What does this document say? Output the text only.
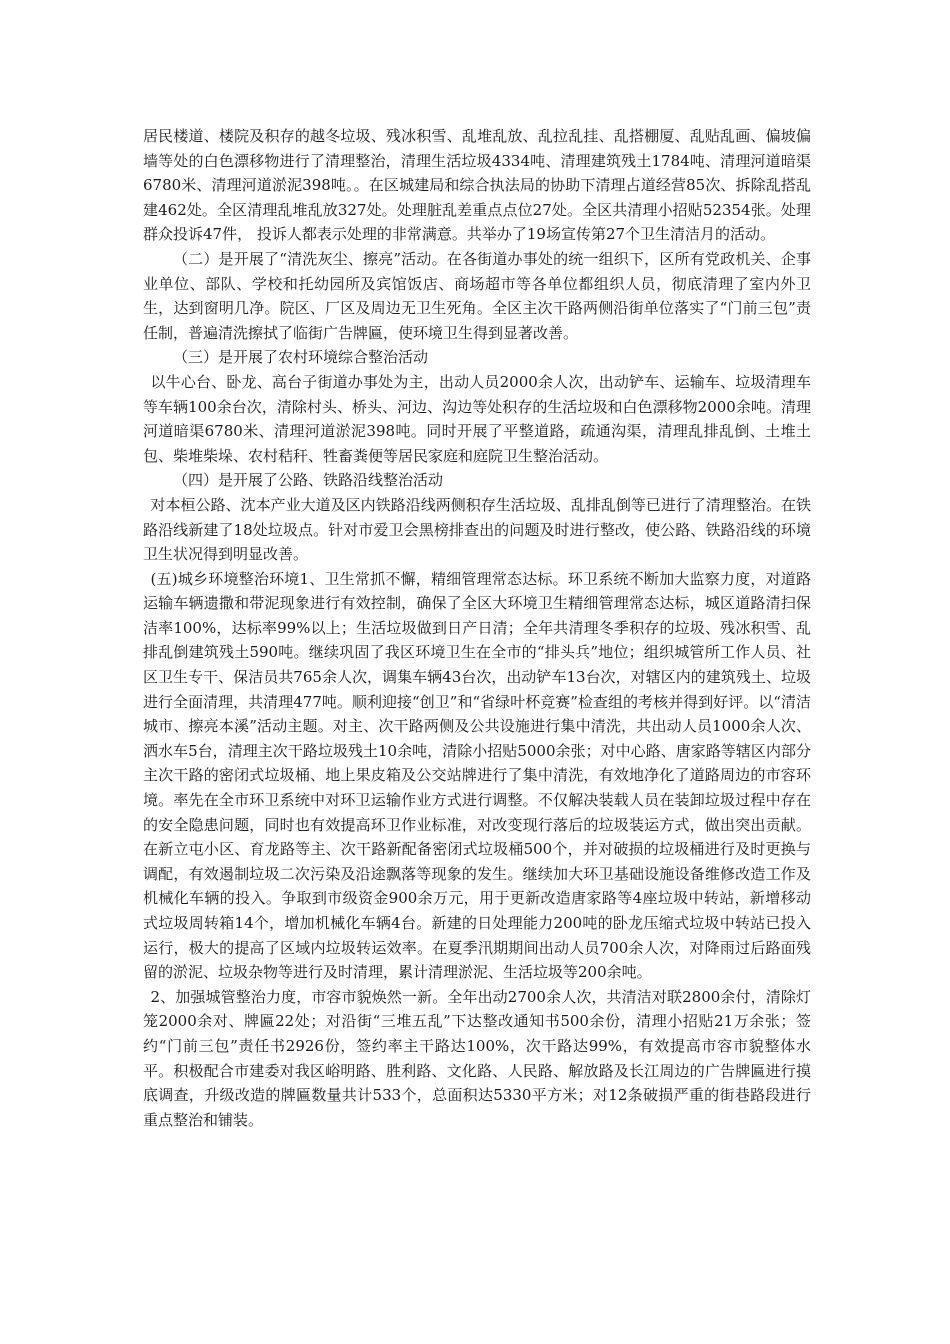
居民楼道、楼院及积存的越冬垃圾、残冰积雪、乱堆乱放、乱拉乱挂、乱搭棚厦、乱贴乱画、偏坡偏墙等处的白色漂移物进行了清理整治，清理生活垃圾4334吨、清理建筑残土1784吨、清理河道暗渠6780米、清理河道淤泥398吨。。在区城建局和综合执法局的协助下清理占道经营85次、拆除乱搭乱建462处。全区清理乱堆乱放327处。处理脏乱差重点点位27处。全区共清理小招贴52354张。处理群众投诉47件， 投诉人都表示处理的非常满意。共举办了19场宣传第27个卫生清洁月的活动。

（二）是开展了“清洗灰尘、擦亮”活动。在各街道办事处的统一组织下，区所有党政机关、企事业单位、部队、学校和托幼园所及宾馆饭店、商场超市等各单位都组织人员，彻底清理了室内外卫生，达到窗明几净。院区、厂区及周边无卫生死角。全区主次干路两侧沿街单位落实了“门前三包”责任制，普遍清洗擦拭了临街广告牌匾，使环境卫生得到显著改善。

（三）是开展了农村环境综合整治活动

以牛心台、卧龙、高台子街道办事处为主，出动人员2000余人次，出动铲车、运输车、垃圾清理车等车辆100余台次，清除村头、桥头、河边、沟边等处积存的生活垃圾和白色漂移物2000余吨。清理河道暗渠6780米、清理河道淤泥398吨。同时开展了平整道路，疏通沟渠，清理乱排乱倒、土堆土包、柴堆柴垛、农村秸秆、牲畜粪便等居民家庭和庭院卫生整治活动。

（四）是开展了公路、铁路沿线整治活动

对本桓公路、沈本产业大道及区内铁路沿线两侧积存生活垃圾、乱排乱倒等已进行了清理整治。在铁路沿线新建了18处垃圾点。针对市爱卫会黑榜排查出的问题及时进行整改，使公路、铁路沿线的环境卫生状况得到明显改善。

(五)城乡环境整治环境1、卫生常抓不懈，精细管理常态达标。环卫系统不断加大监察力度，对道路运输车辆遗撒和带泥现象进行有效控制，确保了全区大环境卫生精细管理常态达标，城区道路清扫保洁率100%，达标率99%以上；生活垃圾做到日产日清；全年共清理冬季积存的垃圾、残冰积雪、乱排乱倒建筑残土590吨。继续巩固了我区环境卫生在全市的“排头兵”地位；组织城管所工作人员、社区卫生专干、保洁员共765余人次，调集车辆43台次，出动铲车13台次，对辖区内的建筑残土、垃圾进行全面清理，共清理477吨。顺利迎接“创卫”和“省绿叶杯竞赛”检查组的考核并得到好评。以“清洁城市、擦亮本溪”活动主题。对主、次干路两侧及公共设施进行集中清洗，共出动人员1000余人次、洒水车5台，清理主次干路垃圾残土10余吨，清除小招贴5000余张；对中心路、唐家路等辖区内部分主次干路的密闭式垃圾桶、地上果皮箱及公交站牌进行了集中清洗，有效地净化了道路周边的市容环境。率先在全市环卫系统中对环卫运输作业方式进行调整。不仅解决装载人员在装卸垃圾过程中存在的安全隐患问题，同时也有效提高环卫作业标准，对改变现行落后的垃圾装运方式，做出突出贡献。在新立屯小区、育龙路等主、次干路新配备密闭式垃圾桶500个，并对破损的垃圾桶进行及时更换与调配，有效遏制垃圾二次污染及沿途飘落等现象的发生。继续加大环卫基础设施设备维修改造工作及机械化车辆的投入。争取到市级资金900余万元，用于更新改造唐家路等4座垃圾中转站，新增移动式垃圾周转箱14个，增加机械化车辆4台。新建的日处理能力200吨的卧龙压缩式垃圾中转站已投入运行，极大的提高了区域内垃圾转运效率。在夏季汛期期间出动人员700余人次，对降雨过后路面残留的淤泥、垃圾杂物等进行及时清理，累计清理淤泥、生活垃圾等200余吨。

2、加强城管整治力度，市容市貌焕然一新。全年出动2700余人次，共清洁对联2800余付，清除灯笼2000余对、牌匾22处；对沿街“三堆五乱”下达整改通知书500余份，清理小招贴21万余张；签约“门前三包”责任书2926份，签约率主干路达100%，次干路达99%，有效提高市容市貌整体水平。积极配合市建委对我区峪明路、胜利路、文化路、人民路、解放路及长江周边的广告牌匾进行摸底调查，升级改造的牌匾数量共计533个，总面积达5330平方米；对12条破损严重的街巷路段进行重点整治和铺装。
